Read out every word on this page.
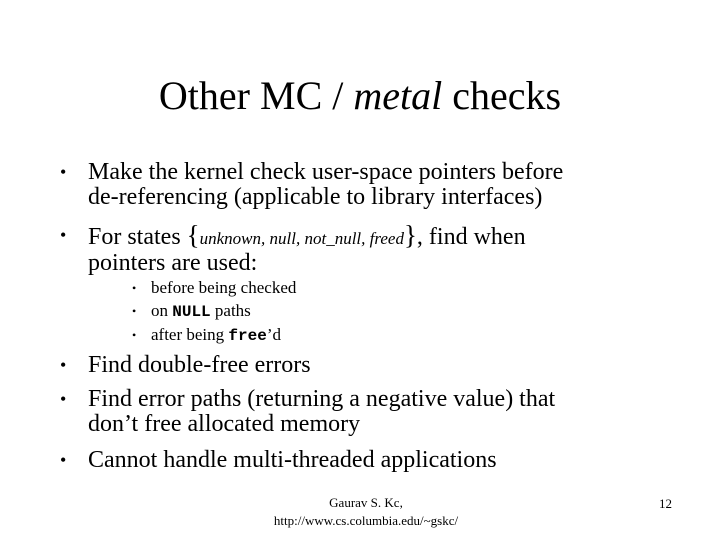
Other MC / metal checks
• Make the kernel check user-space pointers before
de-referencing (applicable to library interfaces)
• For states {unknown, null, not_null, freed}, find when
pointers are used:
• before being checked
• on NULL paths
• after being free’d
• Find double-free errors
• Find error paths (returning a negative value) that
don’t free allocated memory
• Cannot handle multi-threaded applications
Gaurav S. Kc,
http://www.cs.columbia.edu/~gskc/
12
